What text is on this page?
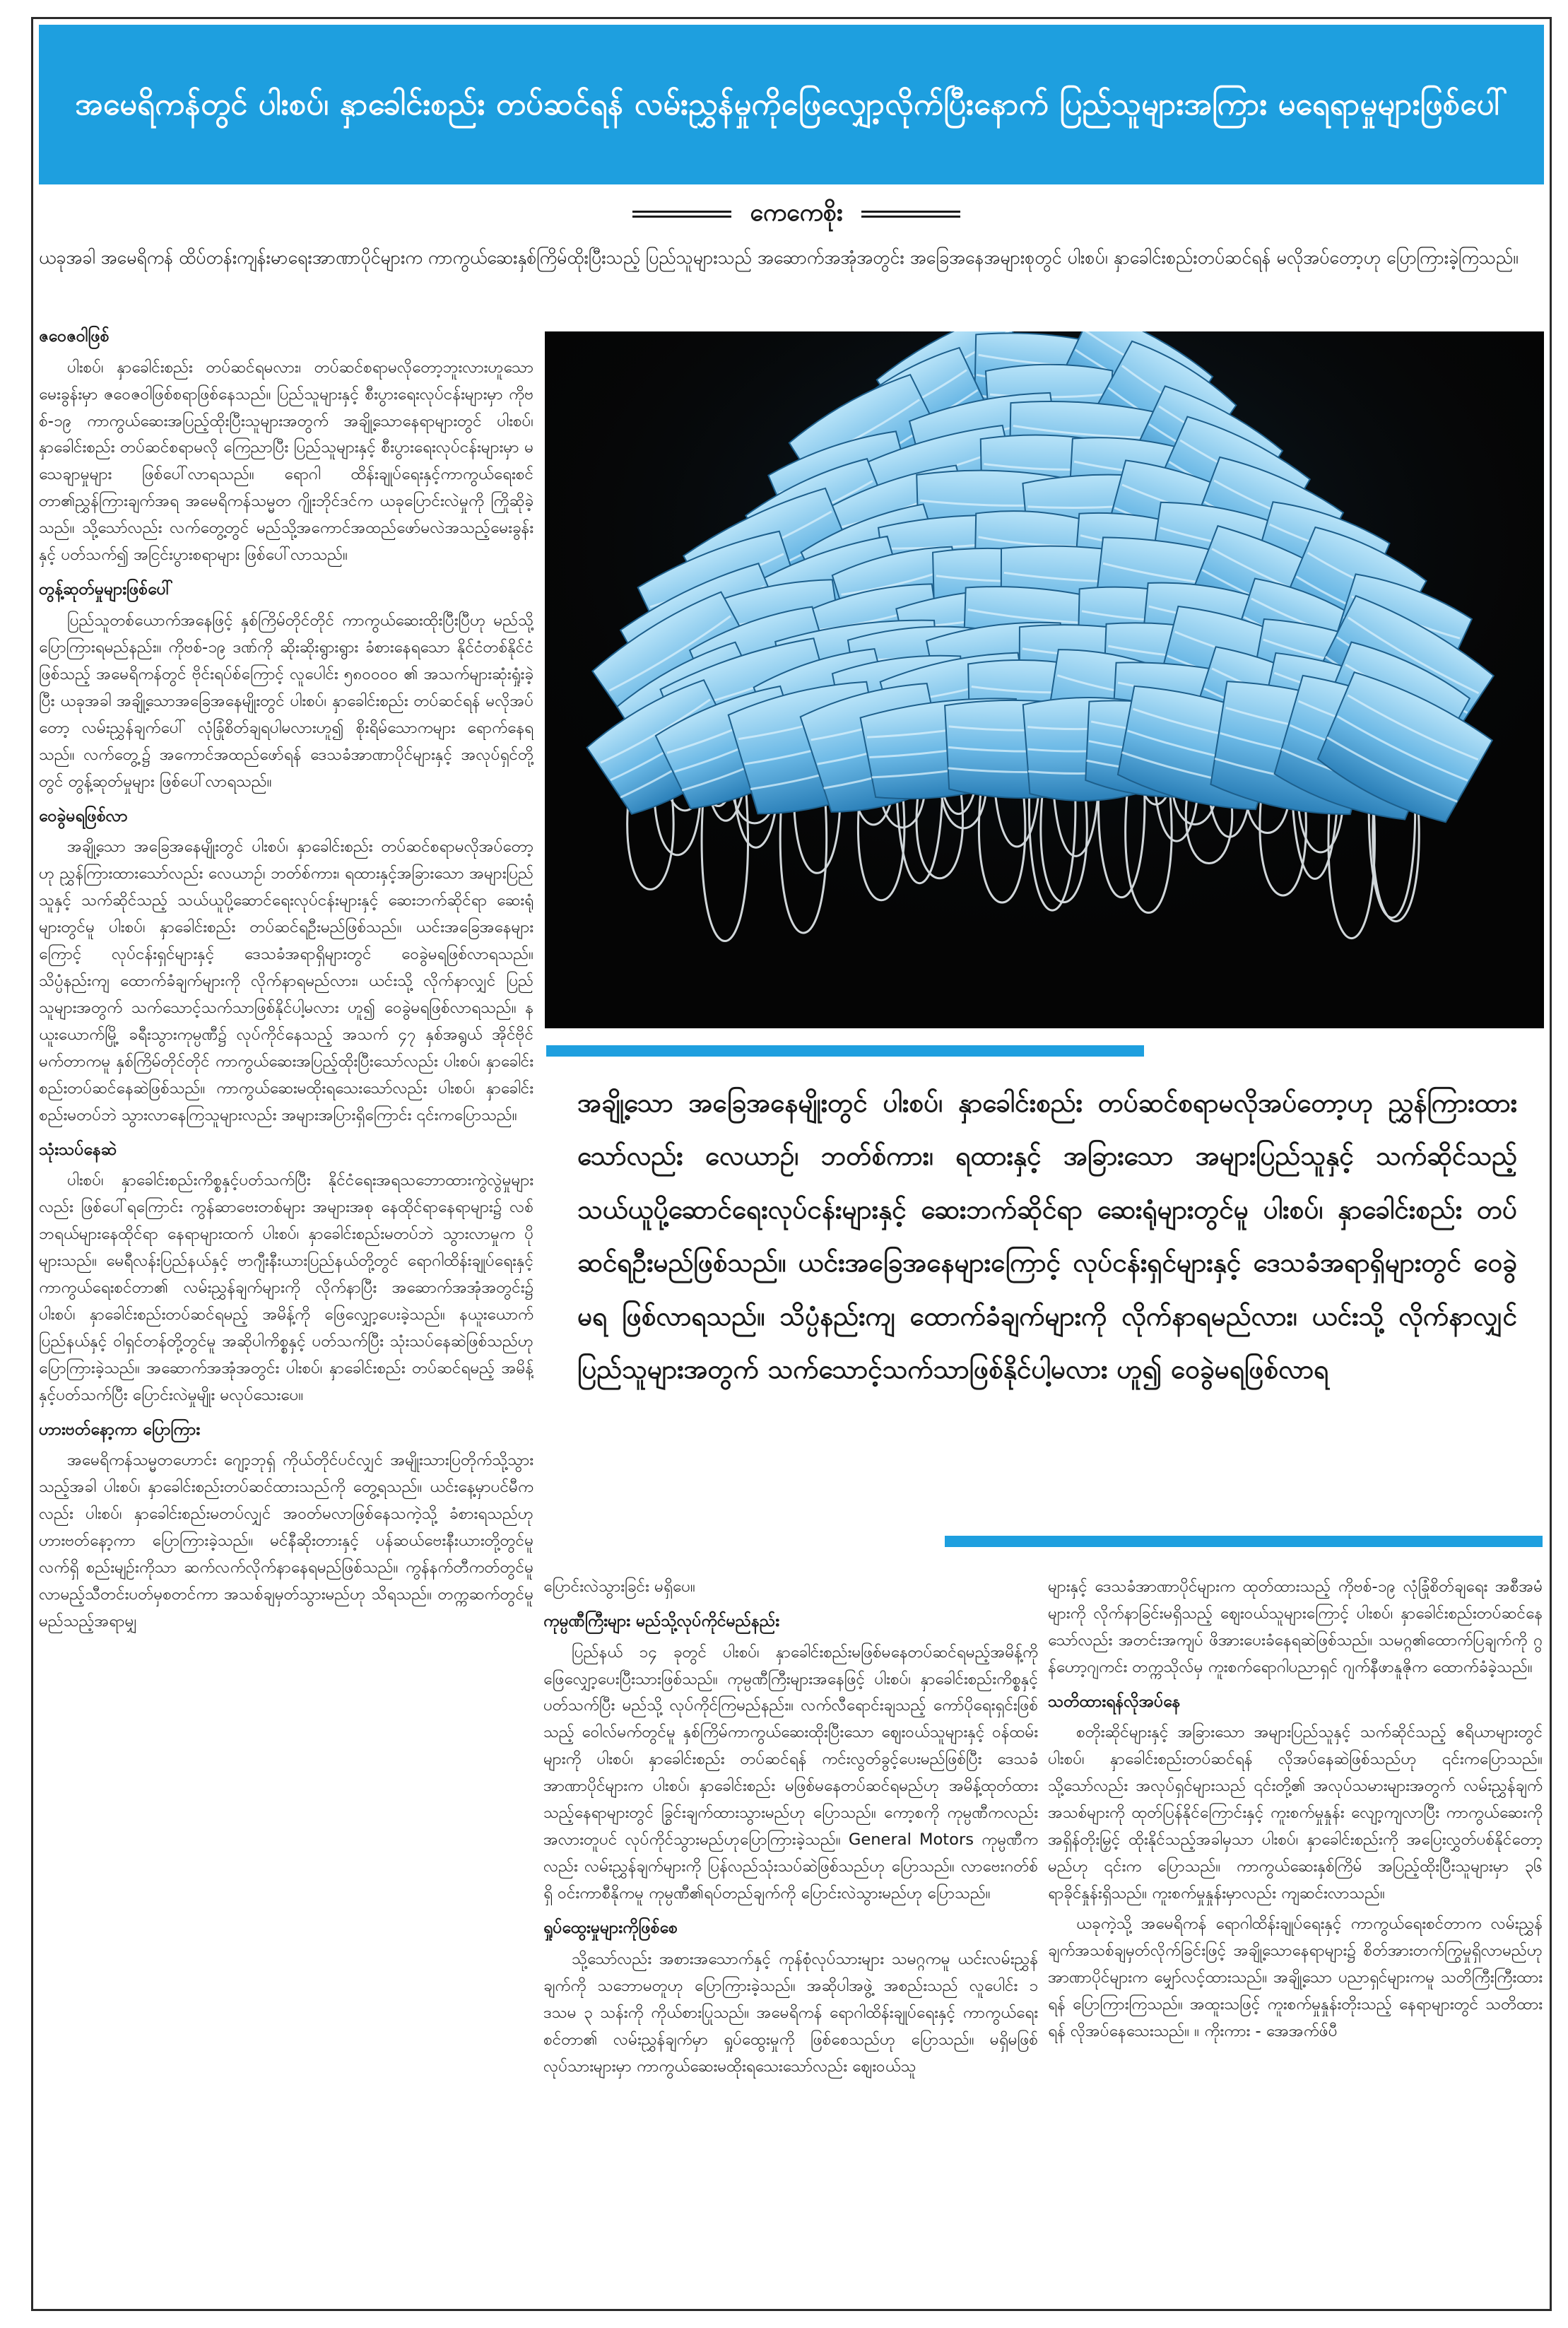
အမေရိကန်တွင် ပါးစပ်၊ နှာခေါင်းစည်း တပ်ဆင်ရန် လမ်းညွှန်မှုကိုဖြေလျှော့လိုက်ပြီးနောက် ပြည်သူများအကြား မရေရာမှုများဖြစ်ပေါ်
ကေကေစိုး

ယခုအခါ အမေရိကန် ထိပ်တန်းကျန်းမာရေးအာဏာပိုင်များက ကာကွယ်ဆေးနှစ်ကြိမ်ထိုးပြီးသည့် ပြည်သူများသည် အဆောက်အအုံအတွင်း အခြေအနေအများစုတွင် ပါးစပ်၊ နှာခေါင်းစည်းတပ်ဆင်ရန် မလိုအပ်တော့ဟု ပြောကြားခဲ့ကြသည်။

ဇဝေဇဝါဖြစ်

ပါးစပ်၊ နှာခေါင်းစည်း တပ်ဆင်ရမလား၊ တပ်ဆင်စရာမလိုတော့ဘူးလားဟူသော မေးခွန်းမှာ ဇဝေဇဝါဖြစ်စရာဖြစ်နေသည်။ ပြည်သူများနှင့် စီးပွားရေးလုပ်ငန်းများမှာ ကိုဗစ်-၁၉ ကာကွယ်ဆေးအပြည့်ထိုးပြီးသူများအတွက် အချို့သောနေရာများတွင် ပါးစပ်၊ နှာခေါင်းစည်း တပ်ဆင်စရာမလို ကြေညာပြီး ပြည်သူများနှင့် စီးပွားရေးလုပ်ငန်းများမှာ မသေချာမှုများ ဖြစ်ပေါ်လာရသည်။ ရောဂါ ထိန်းချုပ်ရေးနှင့်ကာကွယ်ရေးစင်တာ၏ညွှန်ကြားချက်အရ အမေရိကန်သမ္မတ ဂျိုးဘိုင်ဒင်က ယခုပြောင်းလဲမှုကို ကြိုဆိုခဲ့သည်။ သို့သော်လည်း လက်တွေ့တွင် မည်သို့အကောင်အထည်ဖော်မလဲအသည့်မေးခွန်းနှင့် ပတ်သက်၍ အငြင်းပွားစရာများ ဖြစ်ပေါ်လာသည်။

တွန့်ဆုတ်မှုများဖြစ်ပေါ်

ပြည်သူတစ်ယောက်အနေဖြင့် နှစ်ကြိမ်တိုင်တိုင် ကာကွယ်ဆေးထိုးပြီးပြီဟု မည်သို့ ပြောကြားရမည်နည်း။ ကိုဗစ်-၁၉ ဒဏ်ကို ဆိုးဆိုးရွားရွား ခံစားနေရသော နိုင်ငံတစ်နိုင်ငံဖြစ်သည့် အမေရိကန်တွင် ဗိုင်းရပ်စ်ကြောင့် လူပေါင်း ၅၈၀၀၀၀ ၏ အသက်များဆုံးရှုံးခဲ့ပြီး ယခုအခါ အချို့သောအခြေအနေမျိုးတွင် ပါးစပ်၊ နှာခေါင်းစည်း တပ်ဆင်ရန် မလိုအပ်တော့ လမ်းညွှန်ချက်ပေါ် လုံခြုံစိတ်ချရပါမလားဟူ၍ စိုးရိမ်သောကများ ရောက်နေရသည်။ လက်တွေ့၌ အကောင်အထည်ဖော်ရန် ဒေသခံအာဏာပိုင်များနှင့် အလုပ်ရှင်တို့တွင် တွန့်ဆုတ်မှုများ ဖြစ်ပေါ်လာရသည်။

ဝေခွဲမရဖြစ်လာ

အချို့သော အခြေအနေမျိုးတွင် ပါးစပ်၊ နှာခေါင်းစည်း တပ်ဆင်စရာမလိုအပ်တော့ဟု ညွှန်ကြားထားသော်လည်း လေယာဉ်၊ ဘတ်စ်ကား၊ ရထားနှင့်အခြားသော အများပြည်သူနှင့် သက်ဆိုင်သည့် သယ်ယူပို့ဆောင်ရေးလုပ်ငန်းများနှင့် ဆေးဘက်ဆိုင်ရာ ဆေးရုံများတွင်မူ ပါးစပ်၊ နှာခေါင်းစည်း တပ်ဆင်ရဦးမည်ဖြစ်သည်။ ယင်းအခြေအနေများကြောင့် လုပ်ငန်းရှင်များနှင့် ဒေသခံအရာရှိများတွင် ဝေခွဲမရဖြစ်လာရသည်။ သိပ္ပံနည်းကျ ထောက်ခံချက်များကို လိုက်နာရမည်လား၊ ယင်းသို့ လိုက်နာလျှင် ပြည်သူများအတွက် သက်သောင့်သက်သာဖြစ်နိုင်ပါ့မလား ဟူ၍ ဝေခွဲမရဖြစ်လာရသည်။ နယူးယောက်မြို့ ခရီးသွားကုမ္ပဏီ၌ လုပ်ကိုင်နေသည့် အသက် ၄၇ နှစ်အရွယ် အိုင်ဗိုင် မက်တာကမူ နှစ်ကြိမ်တိုင်တိုင် ကာကွယ်ဆေးအပြည့်ထိုးပြီးသော်လည်း ပါးစပ်၊ နှာခေါင်းစည်းတပ်ဆင်နေဆဲဖြစ်သည်။ ကာကွယ်ဆေးမထိုးရသေးသော်လည်း ပါးစပ်၊ နှာခေါင်းစည်းမတပ်ဘဲ သွားလာနေကြသူများလည်း အများအပြားရှိကြောင်း ၎င်းကပြောသည်။

သုံးသပ်နေဆဲ

ပါးစပ်၊ နှာခေါင်းစည်းကိစ္စနှင့်ပတ်သက်ပြီး နိုင်ငံရေးအရသဘောထားကွဲလွဲမှုများလည်း ဖြစ်ပေါ်ရကြောင်း ကွန်ဆာဗေးတစ်များ အများအစု နေထိုင်ရာနေရာများ၌ လစ်ဘရယ်များနေထိုင်ရာ နေရာများထက် ပါးစပ်၊ နှာခေါင်းစည်းမတပ်ဘဲ သွားလာမှုက ပိုများသည်။ မေရီလန်းပြည်နယ်နှင့် ဗာဂျီးနီးယားပြည်နယ်တို့တွင် ရောဂါထိန်းချုပ်ရေးနှင့် ကာကွယ်ရေးစင်တာ၏ လမ်းညွှန်ချက်များကို လိုက်နာပြီး အဆောက်အအုံအတွင်း၌ ပါးစပ်၊ နှာခေါင်းစည်းတပ်ဆင်ရမည့် အမိန့်ကို ဖြေလျှော့ပေးခဲ့သည်။ နယူးယောက်ပြည်နယ်နှင့် ဝါရှင်တန်တို့တွင်မူ အဆိုပါကိစ္စနှင့် ပတ်သက်ပြီး သုံးသပ်နေဆဲဖြစ်သည်ဟု ပြောကြားခဲ့သည်။ အဆောက်အအုံအတွင်း ပါးစပ်၊ နှာခေါင်းစည်း တပ်ဆင်ရမည့် အမိန့်နှင့်ပတ်သက်ပြီး ပြောင်းလဲမှုမျိုး မလုပ်သေးပေ။

ဟားဗတ်နော့ကာ ပြောကြား

အမေရိကန်သမ္မတဟောင်း ဂျော့ဘုရှ် ကိုယ်တိုင်ပင်လျှင် အမျိုးသားပြတိုက်သို့သွားသည့်အခါ ပါးစပ်၊ နှာခေါင်းစည်းတပ်ဆင်ထားသည်ကို တွေ့ရသည်။ ယင်းနေ့မှာပင်မီကလည်း ပါးစပ်၊ နှာခေါင်းစည်းမတပ်လျှင် အဝတ်မလာဖြစ်နေသကဲ့သို့ ခံစားရသည်ဟု ဟားဗတ်နော့ကာ ပြောကြားခဲ့သည်။ မင်နီဆိုးတားနှင့် ပန်ဆယ်ဗေးနီးယားတို့တွင်မူ လက်ရှိ စည်းမျဉ်းကိုသာ ဆက်လက်လိုက်နာနေရမည်ဖြစ်သည်။ ကွန်နက်တီကတ်တွင်မူ လာမည့်သီတင်းပတ်မှစတင်ကာ အသစ်ချမှတ်သွားမည်ဟု သိရသည်။ တက္ကဆက်တွင်မူ မည်သည့်အရာမျှ

အချို့သော အခြေအနေမျိုးတွင် ပါးစပ်၊ နှာခေါင်းစည်း တပ်ဆင်စရာမလိုအပ်တော့ဟု ညွှန်ကြားထားသော်လည်း လေယာဉ်၊ ဘတ်စ်ကား၊ ရထားနှင့် အခြားသော အများပြည်သူနှင့် သက်ဆိုင်သည့် သယ်ယူပို့ဆောင်ရေးလုပ်ငန်းများနှင့် ဆေးဘက်ဆိုင်ရာ ဆေးရုံများတွင်မူ ပါးစပ်၊ နှာခေါင်းစည်း တပ်ဆင်ရဦးမည်ဖြစ်သည်။ ယင်းအခြေအနေများကြောင့် လုပ်ငန်းရှင်များနှင့် ဒေသခံအရာရှိများတွင် ဝေခွဲမရ ဖြစ်လာရသည်။ သိပ္ပံနည်းကျ ထောက်ခံချက်များကို လိုက်နာရမည်လား၊ ယင်းသို့ လိုက်နာလျှင် ပြည်သူများအတွက် သက်သောင့်သက်သာဖြစ်နိုင်ပါ့မလား ဟူ၍ ဝေခွဲမရဖြစ်လာရ

ပြောင်းလဲသွားခြင်း မရှိပေ။

ကုမ္ပဏီကြီးများ မည်သို့လုပ်ကိုင်မည်နည်း

ပြည်နယ် ၁၄ ခုတွင် ပါးစပ်၊ နှာခေါင်းစည်းမဖြစ်မနေတပ်ဆင်ရမည့်အမိန့်ကို ဖြေလျှော့ပေးပြီးသားဖြစ်သည်။ ကုမ္ပဏီကြီးများအနေဖြင့် ပါးစပ်၊ နှာခေါင်းစည်းကိစ္စနှင့် ပတ်သက်ပြီး မည်သို့ လုပ်ကိုင်ကြမည်နည်း။ လက်လီရောင်းချသည့် ကော်ပိုရေးရှင်းဖြစ်သည့် ဝေါလ်မက်တွင်မူ နှစ်ကြိမ်ကာကွယ်ဆေးထိုးပြီးသော ဈေးဝယ်သူများနှင့် ဝန်ထမ်းများကို ပါးစပ်၊ နှာခေါင်းစည်း တပ်ဆင်ရန် ကင်းလွတ်ခွင့်ပေးမည်ဖြစ်ပြီး ဒေသခံအာဏာပိုင်များက ပါးစပ်၊ နှာခေါင်းစည်း မဖြစ်မနေတပ်ဆင်ရမည်ဟု အမိန့်ထုတ်ထားသည့်နေရာများတွင် ခြွင်းချက်ထားသွားမည်ဟု ပြောသည်။ ကော့စကို ကုမ္ပဏီကလည်း အလားတူပင် လုပ်ကိုင်သွားမည်ဟုပြောကြားခဲ့သည်။ General Motors ကုမ္ပဏီကလည်း လမ်းညွှန်ချက်များကို ပြန်လည်သုံးသပ်ဆဲဖြစ်သည်ဟု ပြောသည်။ လာဗေးဂတ်စ်ရှိ ဝင်းကာစီနိုကမူ ကုမ္ပဏီ၏ရပ်တည်ချက်ကို ပြောင်းလဲသွားမည်ဟု ပြောသည်။

ရှုပ်ထွေးမှုများကိုဖြစ်စေ

သို့သော်လည်း အစားအသောက်နှင့် ကုန်စုံလုပ်သားများ သမဂ္ဂကမူ ယင်းလမ်းညွှန်ချက်ကို သဘောမတူဟု ပြောကြားခဲ့သည်။ အဆိုပါအဖွဲ့ အစည်းသည် လူပေါင်း ၁ ဒသမ ၃ သန်းကို ကိုယ်စားပြုသည်။ အမေရိကန် ရောဂါထိန်းချုပ်ရေးနှင့် ကာကွယ်ရေးစင်တာ၏ လမ်းညွှန်ချက်မှာ ရှုပ်ထွေးမှုကို ဖြစ်စေသည်ဟု ပြောသည်။ မရှိမဖြစ်လုပ်သားများမှာ ကာကွယ်ဆေးမထိုးရသေးသော်လည်း ဈေးဝယ်သူ

များနှင့် ဒေသခံအာဏာပိုင်များက ထုတ်ထားသည့် ကိုဗစ်-၁၉ လုံခြုံစိတ်ချရေး အစီအမံများကို လိုက်နာခြင်းမရှိသည့် ဈေးဝယ်သူများကြောင့် ပါးစပ်၊ နှာခေါင်းစည်းတပ်ဆင်နေသော်လည်း အတင်းအကျပ် ဖိအားပေးခံနေရဆဲဖြစ်သည်။ သမဂ္ဂ၏ထောက်ပြချက်ကို ဂွန်ဟော့ဂျကင်း တက္ကသိုလ်မှ ကူးစက်ရောဂါပညာရှင် ဂျက်နီဖာနူဇိုက ထောက်ခံခဲ့သည်။

သတိထားရန်လိုအပ်နေ

စတိုးဆိုင်များနှင့် အခြားသော အများပြည်သူနှင့် သက်ဆိုင်သည့် ဧရိယာများတွင် ပါးစပ်၊ နှာခေါင်းစည်းတပ်ဆင်ရန် လိုအပ်နေဆဲဖြစ်သည်ဟု ၎င်းကပြောသည်။ သို့သော်လည်း အလုပ်ရှင်များသည် ၎င်းတို့၏ အလုပ်သမားများအတွက် လမ်းညွှန်ချက်အသစ်များကို ထုတ်ပြန်နိုင်ကြောင်းနှင့် ကူးစက်မှုနှုန်း လျော့ကျလာပြီး ကာကွယ်ဆေးကို အရှိန်တိုးမြှင့် ထိုးနိုင်သည့်အခါမှသာ ပါးစပ်၊ နှာခေါင်းစည်းကို အပြေးလွှတ်ပစ်နိုင်တော့မည်ဟု ၎င်းက ပြောသည်။ ကာကွယ်ဆေးနှစ်ကြိမ် အပြည့်ထိုးပြီးသူများမှာ ၃၆ ရာခိုင်နှုန်းရှိသည်။ ကူးစက်မှုနှုန်းမှာလည်း ကျဆင်းလာသည်။

ယခုကဲ့သို့ အမေရိကန် ရောဂါထိန်းချုပ်ရေးနှင့် ကာကွယ်ရေးစင်တာက လမ်းညွှန်ချက်အသစ်ချမှတ်လိုက်ခြင်းဖြင့် အချို့သောနေရာများ၌ စိတ်အားတက်ကြွမှုရှိလာမည်ဟု အာဏာပိုင်များက မျှော်လင့်ထားသည်။ အချို့သော ပညာရှင်များကမူ သတိကြီးကြီးထားရန် ပြောကြားကြသည်။ အထူးသဖြင့် ကူးစက်မှုနှုန်းတိုးသည့် နေရာများတွင် သတိထားရန် လိုအပ်နေသေးသည်။ ။ ကိုးကား - အေအက်ဖ်ပီ
